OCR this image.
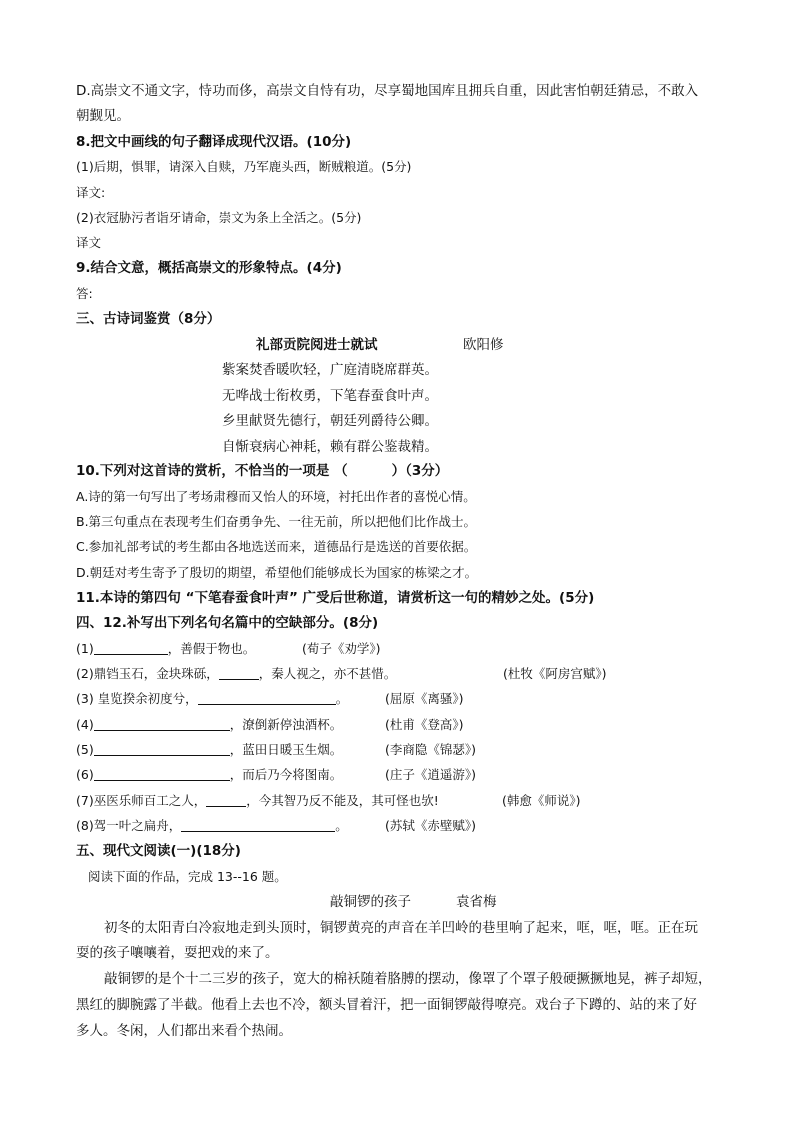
D.高崇文不通文字，恃功而侈，高崇文自恃有功，尽享蜀地国库且拥兵自重，因此害怕朝廷猜忌，不敢入
朝觐见。
8.把文中画线的句子翻译成现代汉语。(10分)
(1)后期，惧罪，请深入自赎，乃军鹿头西，断贼粮道。(5分)
译文:
(2)衣冠胁污者诣牙请命，崇文为条上全活之。(5分)
译文
9.结合文意，概括高崇文的形象特点。(4分)
答:
三、古诗词鉴赏（8分）
礼部贡院阅进士就试	欧阳修
紫案焚香暖吹轻，广庭清晓席群英。
无哗战士衔枚勇，下笔春蚕食叶声。
乡里献贤先德行，朝廷列爵待公卿。
自惭衰病心神耗，赖有群公鉴裁精。
10.下列对这首诗的赏析，不恰当的一项是 （	）（3分）
A.诗的第一句写出了考场肃穆而又怡人的环境，衬托出作者的喜悦心情。
B.第三句重点在表现考生们奋勇争先、一往无前，所以把他们比作战士。
C.参加礼部考试的考生都由各地选送而来，道德品行是选送的首要依据。
D.朝廷对考生寄予了殷切的期望，希望他们能够成长为国家的栋梁之才。
11.本诗的第四句 “下笔春蚕食叶声” 广受后世称道，请赏析这一句的精妙之处。(5分)
四、12.补写出下列名句名篇中的空缺部分。(8分)
(1)	，善假于物也。	(荀子《劝学》)
(2)鼎铛玉石，金块珠砾，	，秦人视之，亦不甚惜。	(杜牧《阿房宫赋》)
(3) 皇览揆余初度兮，	。	(屈原《离骚》)
(4)	，潦倒新停浊酒杯。	(杜甫《登高》)
(5)	，蓝田日暖玉生烟。	(李商隐《锦瑟》)
(6)	，而后乃今将图南。	(庄子《逍遥游》)
(7)巫医乐师百工之人，	，今其智乃反不能及，其可怪也欤!	(韩愈《师说》)
(8)驾一叶之扁舟，	。	(苏轼《赤壁赋》)
五、现代文阅读(一)(18分)
阅读下面的作品，完成 13--16 题。
敲铜锣的孩子	袁省梅
初冬的太阳青白冷寂地走到头顶时，铜锣黄亮的声音在羊凹岭的巷里响了起来，哐，哐，哐。正在玩
耍的孩子嚷嚷着，耍把戏的来了。
敲铜锣的是个十二三岁的孩子，宽大的棉袄随着胳膊的摆动，像罩了个罩子般硬撅撅地晃，裤子却短，
黑红的脚腕露了半截。他看上去也不冷，额头冒着汗，把一面铜锣敲得嘹亮。戏台子下蹲的、站的来了好
多人。冬闲，人们都出来看个热闹。
